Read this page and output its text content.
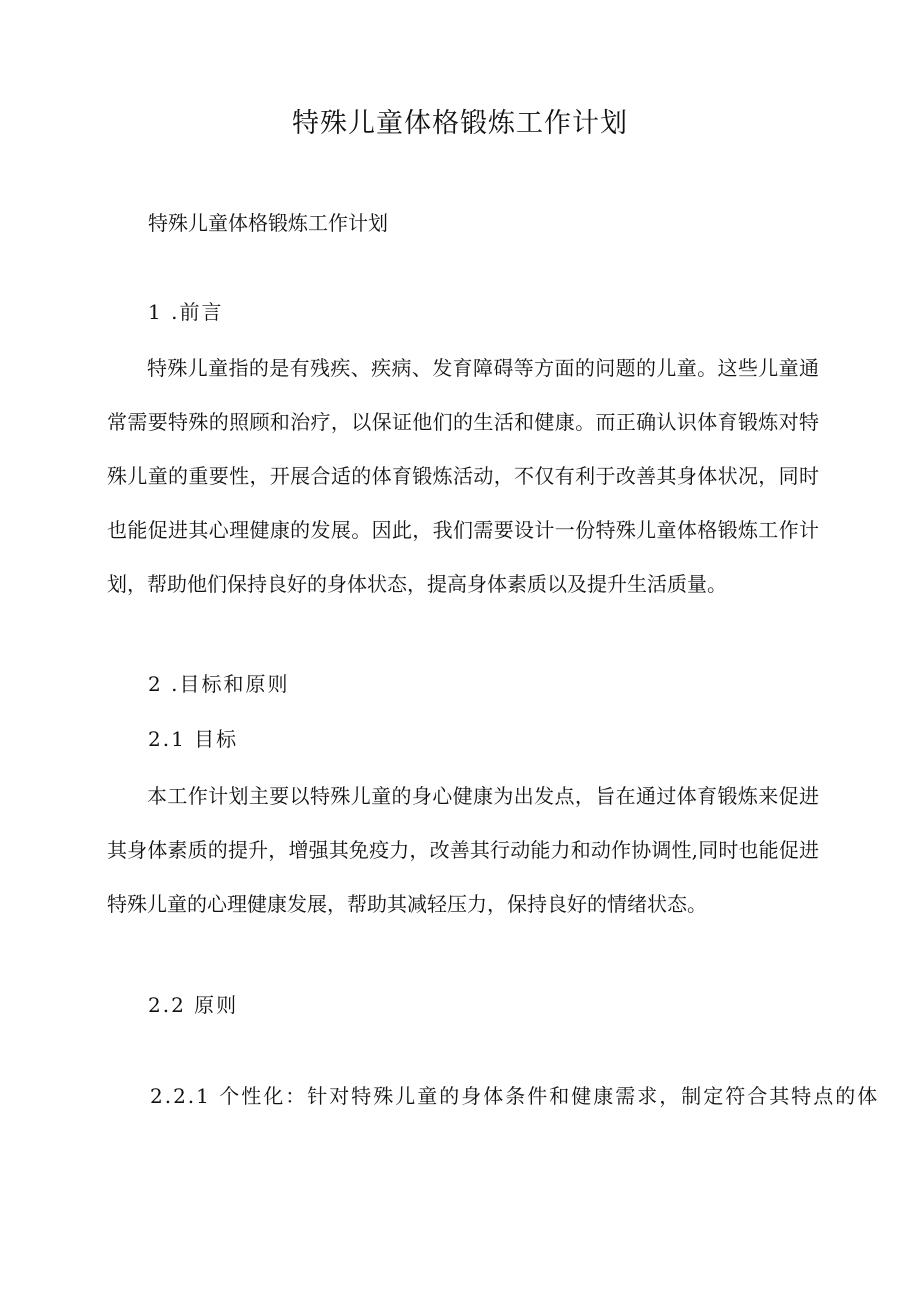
特殊儿童体格锻炼工作计划
特殊儿童体格锻炼工作计划
1 .前言
特殊儿童指的是有残疾、疾病、发育障碍等方面的问题的儿童。这些儿童通常需要特殊的照顾和治疗，以保证他们的生活和健康。而正确认识体育锻炼对特殊儿童的重要性，开展合适的体育锻炼活动，不仅有利于改善其身体状况，同时也能促进其心理健康的发展。因此，我们需要设计一份特殊儿童体格锻炼工作计划，帮助他们保持良好的身体状态，提高身体素质以及提升生活质量。
2 .目标和原则
2.1 目标
本工作计划主要以特殊儿童的身心健康为出发点，旨在通过体育锻炼来促进其身体素质的提升，增强其免疫力，改善其行动能力和动作协调性,同时也能促进特殊儿童的心理健康发展，帮助其减轻压力，保持良好的情绪状态。
2.2 原则
2.2.1 个性化：针对特殊儿童的身体条件和健康需求，制定符合其特点的体
